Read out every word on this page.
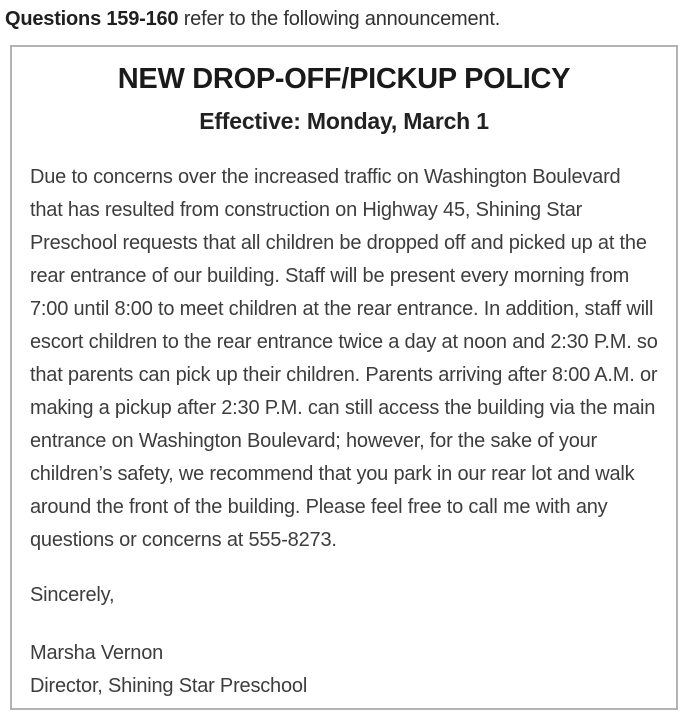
Questions 159-160 refer to the following announcement.

NEW DROP-OFF/PICKUP POLICY
Effective: Monday, March 1

Due to concerns over the increased traffic on Washington Boulevard that has resulted from construction on Highway 45, Shining Star Preschool requests that all children be dropped off and picked up at the rear entrance of our building. Staff will be present every morning from 7:00 until 8:00 to meet children at the rear entrance. In addition, staff will escort children to the rear entrance twice a day at noon and 2:30 P.M. so that parents can pick up their children. Parents arriving after 8:00 A.M. or making a pickup after 2:30 P.M. can still access the building via the main entrance on Washington Boulevard; however, for the sake of your children’s safety, we recommend that you park in our rear lot and walk around the front of the building. Please feel free to call me with any questions or concerns at 555-8273.

Sincerely,

Marsha Vernon

Director, Shining Star Preschool
